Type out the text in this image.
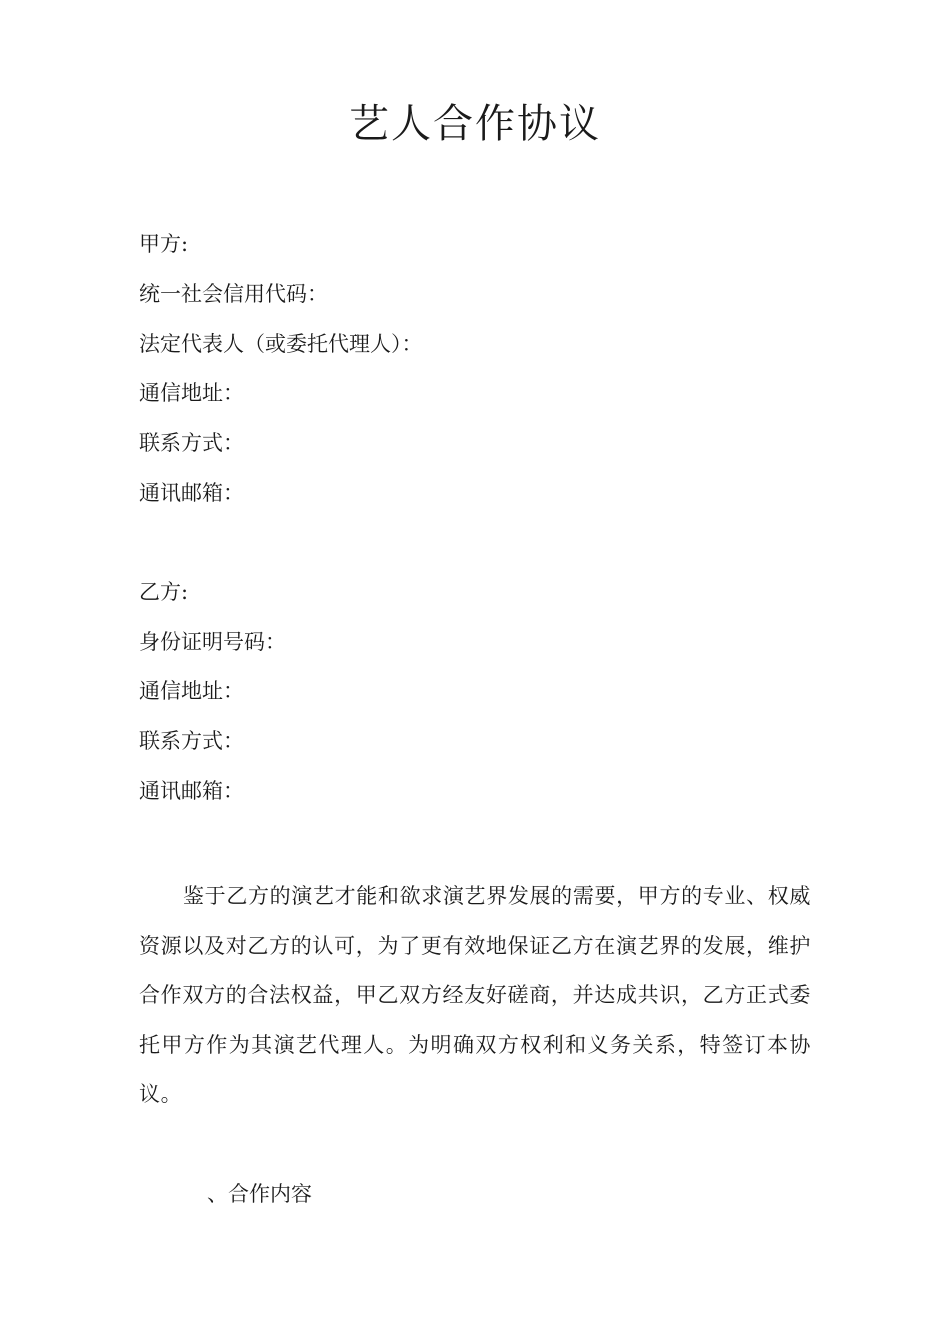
艺人合作协议

甲方:

统一社会信用代码：

法定代表人（或委托代理人）：

通信地址：

联系方式：

通讯邮箱：

乙方:

身份证明号码：

通信地址：

联系方式：

通讯邮箱：

鉴于乙方的演艺才能和欲求演艺界发展的需要，甲方的专业、权威资源以及对乙方的认可，为了更有效地保证乙方在演艺界的发展，维护合作双方的合法权益，甲乙双方经友好磋商，并达成共识，乙方正式委托甲方作为其演艺代理人。为明确双方权利和义务关系，特签订本协议。

、合作内容
